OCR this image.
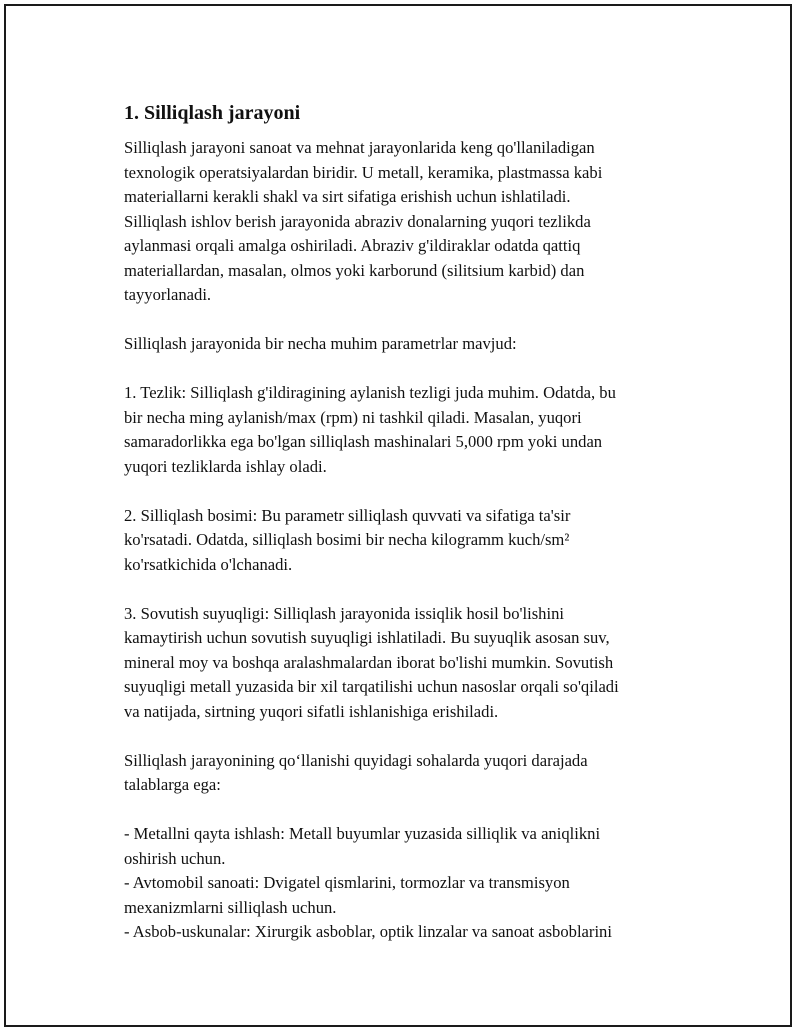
1. Silliqlash jarayoni
Silliqlash jarayoni sanoat va mehnat jarayonlarida keng qo'llaniladigan
texnologik operatsiyalardan biridir. U metall, keramika, plastmassa kabi
materiallarni kerakli shakl va sirt sifatiga erishish uchun ishlatiladi.
Silliqlash ishlov berish jarayonida abraziv donalarning yuqori tezlikda
aylanmasi orqali amalga oshiriladi. Abraziv g'ildiraklar odatda qattiq
materiallardan, masalan, olmos yoki karborund (silitsium karbid) dan
tayyorlanadi.
Silliqlash jarayonida bir necha muhim parametrlar mavjud:
1. Tezlik: Silliqlash g'ildiragining aylanish tezligi juda muhim. Odatda, bu
bir necha ming aylanish/max (rpm) ni tashkil qiladi. Masalan, yuqori
samaradorlikka ega bo'lgan silliqlash mashinalari 5,000 rpm yoki undan
yuqori tezliklarda ishlay oladi.
2. Silliqlash bosimi: Bu parametr silliqlash quvvati va sifatiga ta'sir
ko'rsatadi. Odatda, silliqlash bosimi bir necha kilogramm kuch/sm²
ko'rsatkichida o'lchanadi.
3. Sovutish suyuqligi: Silliqlash jarayonida issiqlik hosil bo'lishini
kamaytirish uchun sovutish suyuqligi ishlatiladi. Bu suyuqlik asosan suv,
mineral moy va boshqa aralashmalardan iborat bo'lishi mumkin. Sovutish
suyuqligi metall yuzasida bir xil tarqatilishi uchun nasoslar orqali so'qiladi
va natijada, sirtning yuqori sifatli ishlanishiga erishiladi.
Silliqlash jarayonining qo‘llanishi quyidagi sohalarda yuqori darajada
talablarga ega:
- Metallni qayta ishlash: Metall buyumlar yuzasida silliqlik va aniqlikni
oshirish uchun.
- Avtomobil sanoati: Dvigatel qismlarini, tormozlar va transmisyon
mexanizmlarni silliqlash uchun.
- Asbob-uskunalar: Xirurgik asboblar, optik linzalar va sanoat asboblarini
